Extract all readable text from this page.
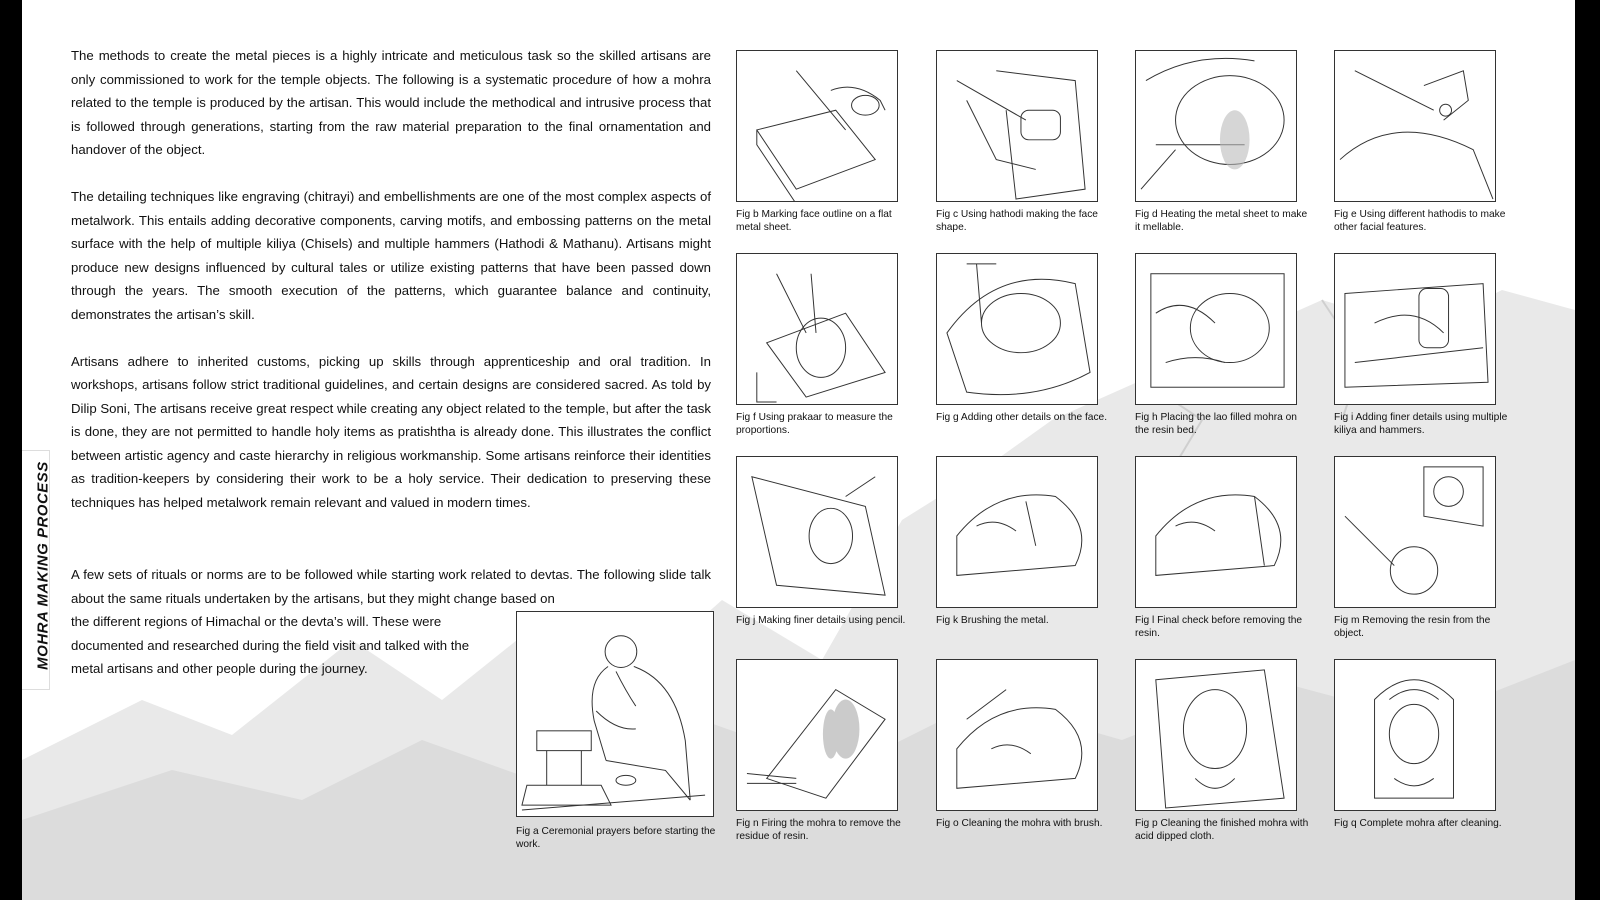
MOHRA MAKING PROCESS

The methods to create the metal pieces is a highly intricate and meticulous task so the skilled artisans are only commissioned to work for the temple objects. The following is a systematic procedure of how a mohra related to the temple is produced by the artisan. This would include the methodical and intrusive process that is followed through generations, starting from the raw material preparation to the final ornamentation and handover of the object.

The detailing techniques like engraving (chitrayi) and embellishments are one of the most complex aspects of metalwork. This entails adding decorative components, carving motifs, and embossing patterns on the metal surface with the help of multiple kiliya (Chisels) and multiple hammers (Hathodi & Mathanu). Artisans might produce new designs influenced by cultural tales or utilize existing patterns that have been passed down through the years. The smooth execution of the patterns, which guarantee balance and continuity, demonstrates the artisan’s skill.

Artisans adhere to inherited customs, picking up skills through apprenticeship and oral tradition. In workshops, artisans follow strict traditional guidelines, and certain designs are considered sacred. As told by Dilip Soni, The artisans receive great respect while creating any object related to the temple, but after the task is done, they are not permitted to handle holy items as pratishtha is already done. This illustrates the conflict between artistic agency and caste hierarchy in religious workmanship. Some artisans reinforce their identities as tradition-keepers by considering their work to be a holy service. Their dedication to preserving these techniques has helped metalwork remain relevant and valued in modern times.

A few sets of rituals or norms are to be followed while starting work related to devtas. The following slide talk about the same rituals undertaken by the artisans, but they might change based on
the different regions of Himachal or the devta’s will. These were documented and researched during the field visit and talked with the metal artisans and other people during the journey.
Fig a Ceremonial prayers before starting the work.
Fig b Marking face outline on a flat metal sheet.
Fig c Using hathodi making the face shape.
Fig d Heating the metal sheet to make it mellable.
Fig e Using different hathodis to make other facial features.
Fig f Using prakaar to measure the proportions.
Fig g Adding other details on the face.	Fig h Placing the lao filled mohra on the resin bed.
Fig i Adding finer details using multiple kiliya and hammers.
Fig j Making finer details using pencil.	Fig k Brushing the metal.	Fig l Final check before removing the resin.
Fig m Removing the resin from the object.
Fig n Firing the mohra to remove the residue of resin.
Fig o Cleaning the mohra with brush.	Fig p Cleaning the finished mohra with acid dipped cloth.
Fig q Complete mohra after cleaning.
